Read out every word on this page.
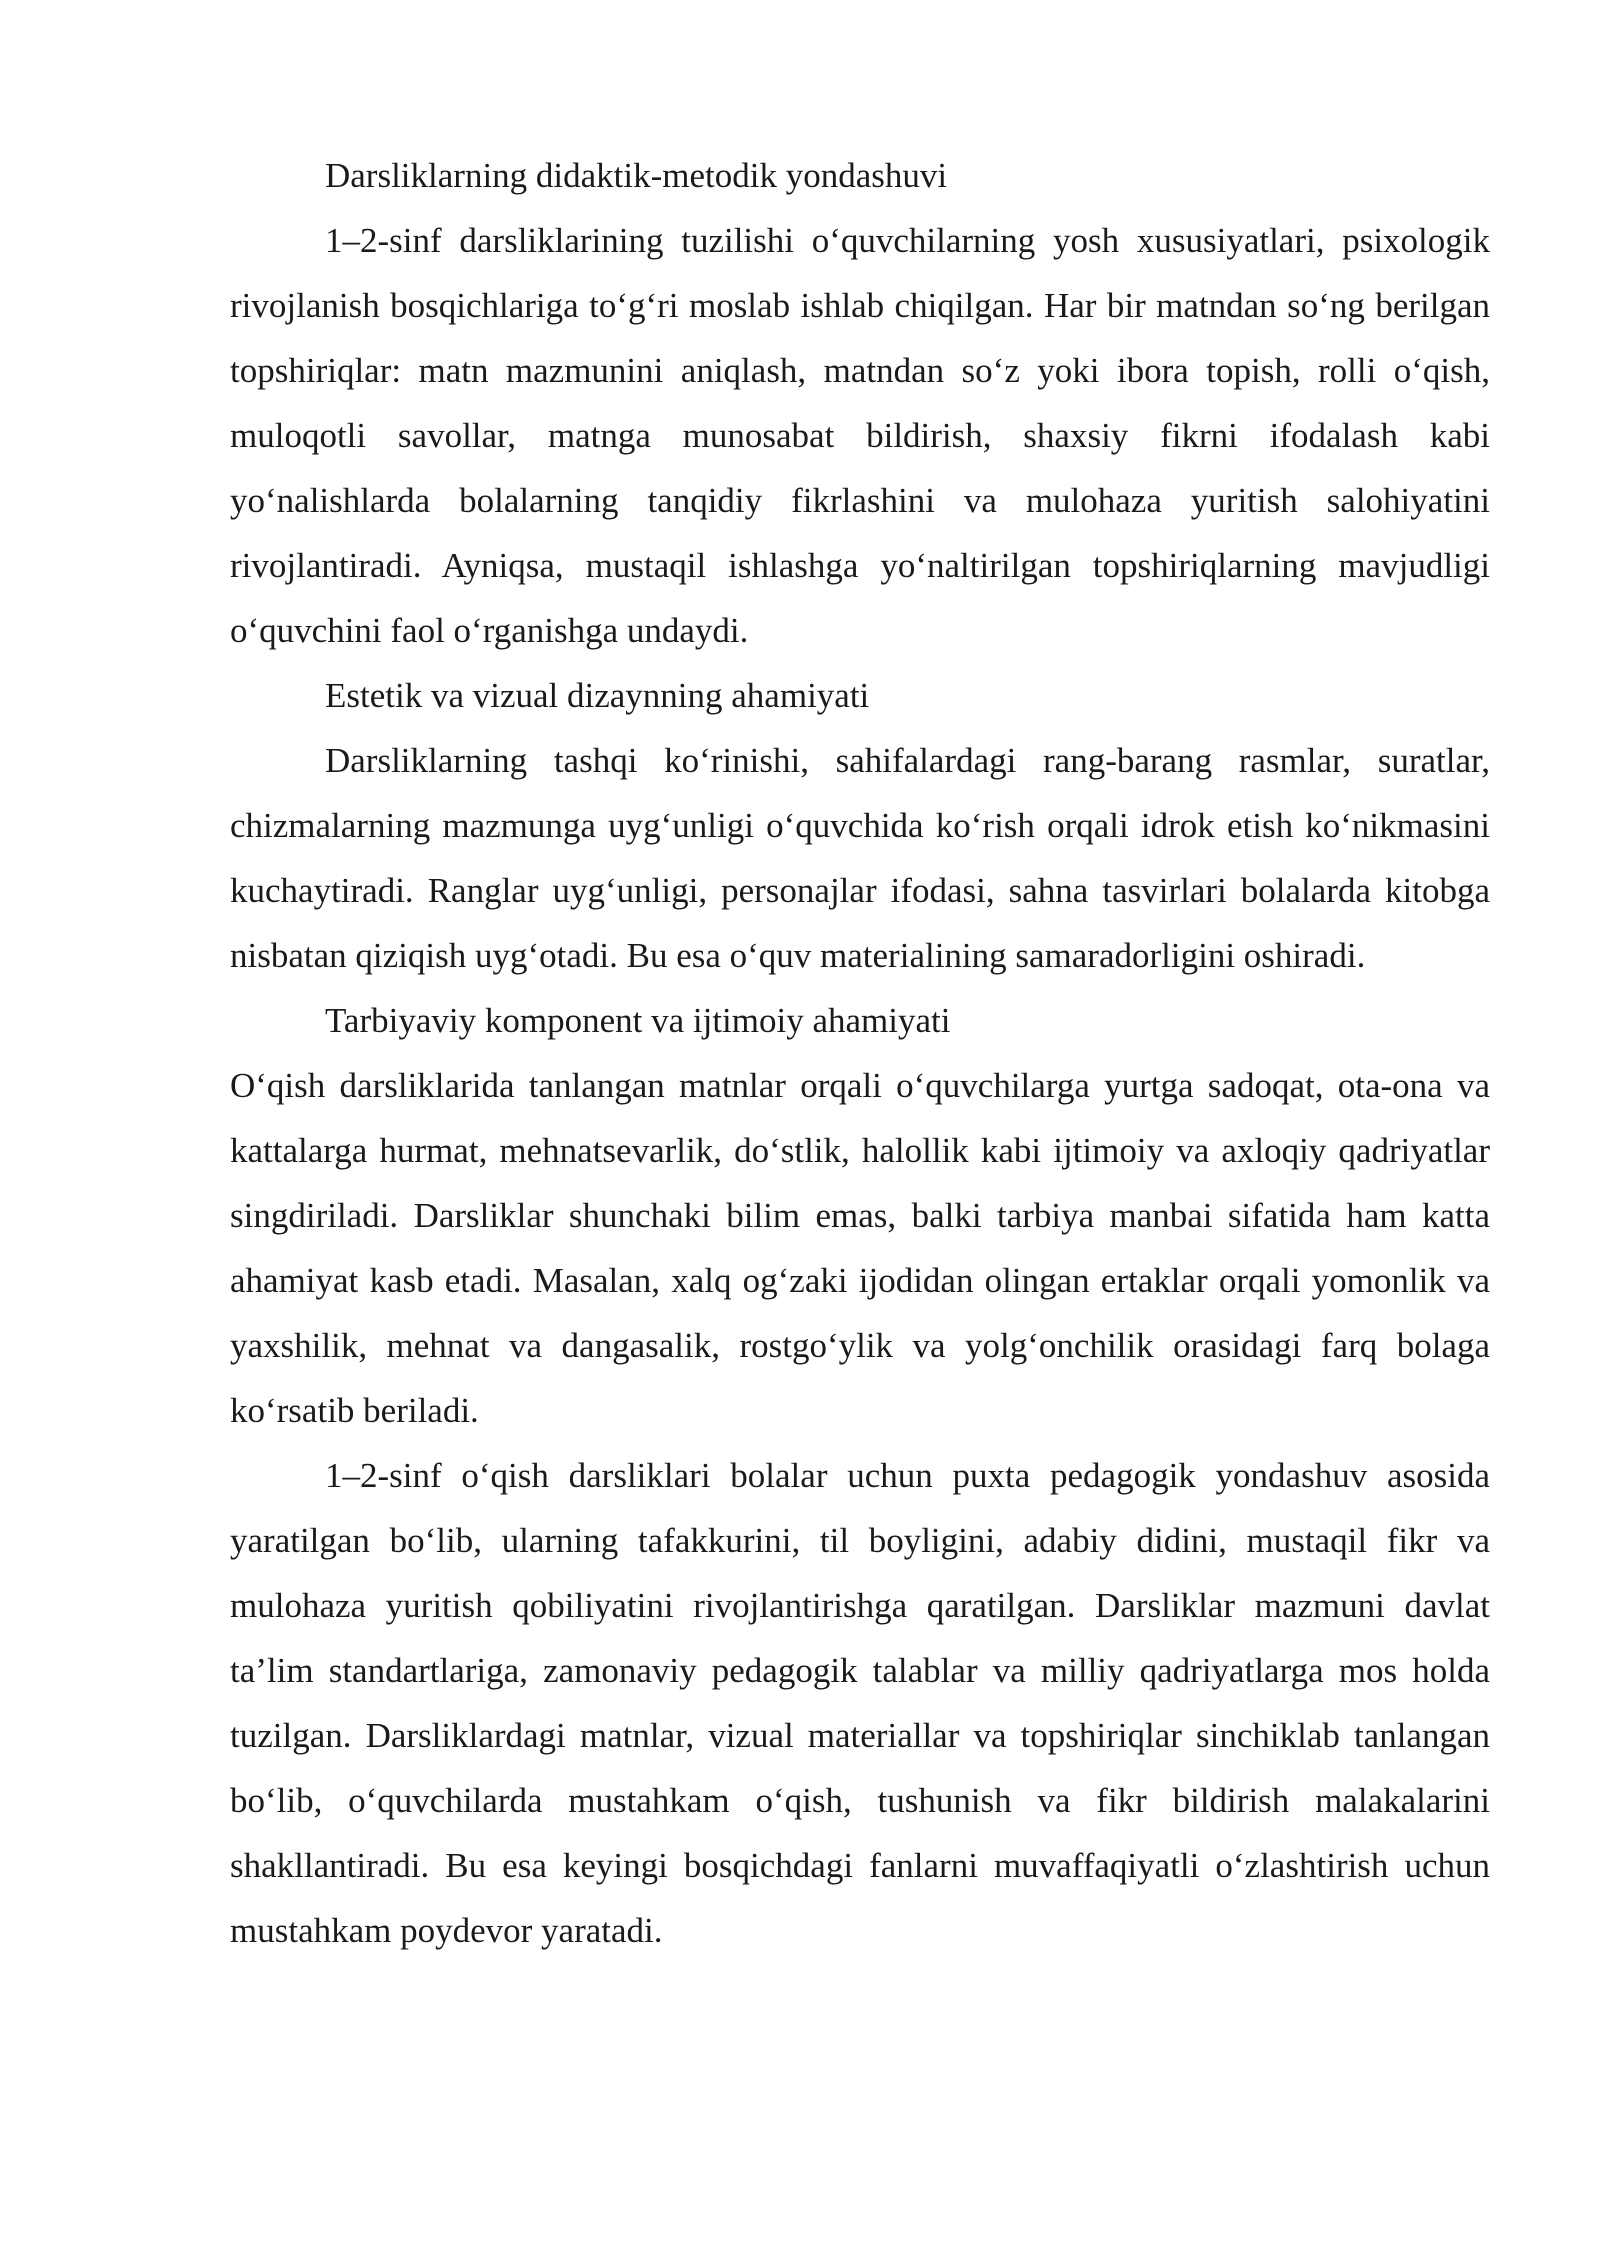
Darsliklarning didaktik-metodik yondashuvi

1–2-sinf darsliklarining tuzilishi o‘quvchilarning yosh xususiyatlari, psixologik rivojlanish bosqichlariga to‘g‘ri moslab ishlab chiqilgan. Har bir matndan so‘ng berilgan topshiriqlar: matn mazmunini aniqlash, matndan so‘z yoki ibora topish, rolli o‘qish, muloqotli savollar, matnga munosabat bildirish, shaxsiy fikrni ifodalash kabi yo‘nalishlarda bolalarning tanqidiy fikrlashini va mulohaza yuritish salohiyatini rivojlantiradi. Ayniqsa, mustaqil ishlashga yo‘naltirilgan topshiriqlarning mavjudligi o‘quvchini faol o‘rganishga undaydi.

Estetik va vizual dizaynning ahamiyati

Darsliklarning tashqi ko‘rinishi, sahifalardagi rang-barang rasmlar, suratlar, chizmalarning mazmunga uyg‘unligi o‘quvchida ko‘rish orqali idrok etish ko‘nikmasini kuchaytiradi. Ranglar uyg‘unligi, personajlar ifodasi, sahna tasvirlari bolalarda kitobga nisbatan qiziqish uyg‘otadi. Bu esa o‘quv materialining samaradorligini oshiradi.

Tarbiyaviy komponent va ijtimoiy ahamiyati

O‘qish darsliklarida tanlangan matnlar orqali o‘quvchilarga yurtga sadoqat, ota-ona va kattalarga hurmat, mehnatsevarlik, do‘stlik, halollik kabi ijtimoiy va axloqiy qadriyatlar singdiriladi. Darsliklar shunchaki bilim emas, balki tarbiya manbai sifatida ham katta ahamiyat kasb etadi. Masalan, xalq og‘zaki ijodidan olingan ertaklar orqali yomonlik va yaxshilik, mehnat va dangasalik, rostgo‘ylik va yolg‘onchilik orasidagi farq bolaga ko‘rsatib beriladi.

1–2-sinf o‘qish darsliklari bolalar uchun puxta pedagogik yondashuv asosida yaratilgan bo‘lib, ularning tafakkurini, til boyligini, adabiy didini, mustaqil fikr va mulohaza yuritish qobiliyatini rivojlantirishga qaratilgan. Darsliklar mazmuni davlat ta’lim standartlariga, zamonaviy pedagogik talablar va milliy qadriyatlarga mos holda tuzilgan. Darsliklardagi matnlar, vizual materiallar va topshiriqlar sinchiklab tanlangan bo‘lib, o‘quvchilarda mustahkam o‘qish, tushunish va fikr bildirish malakalarini shakllantiradi. Bu esa keyingi bosqichdagi fanlarni muvaffaqiyatli o‘zlashtirish uchun mustahkam poydevor yaratadi.
